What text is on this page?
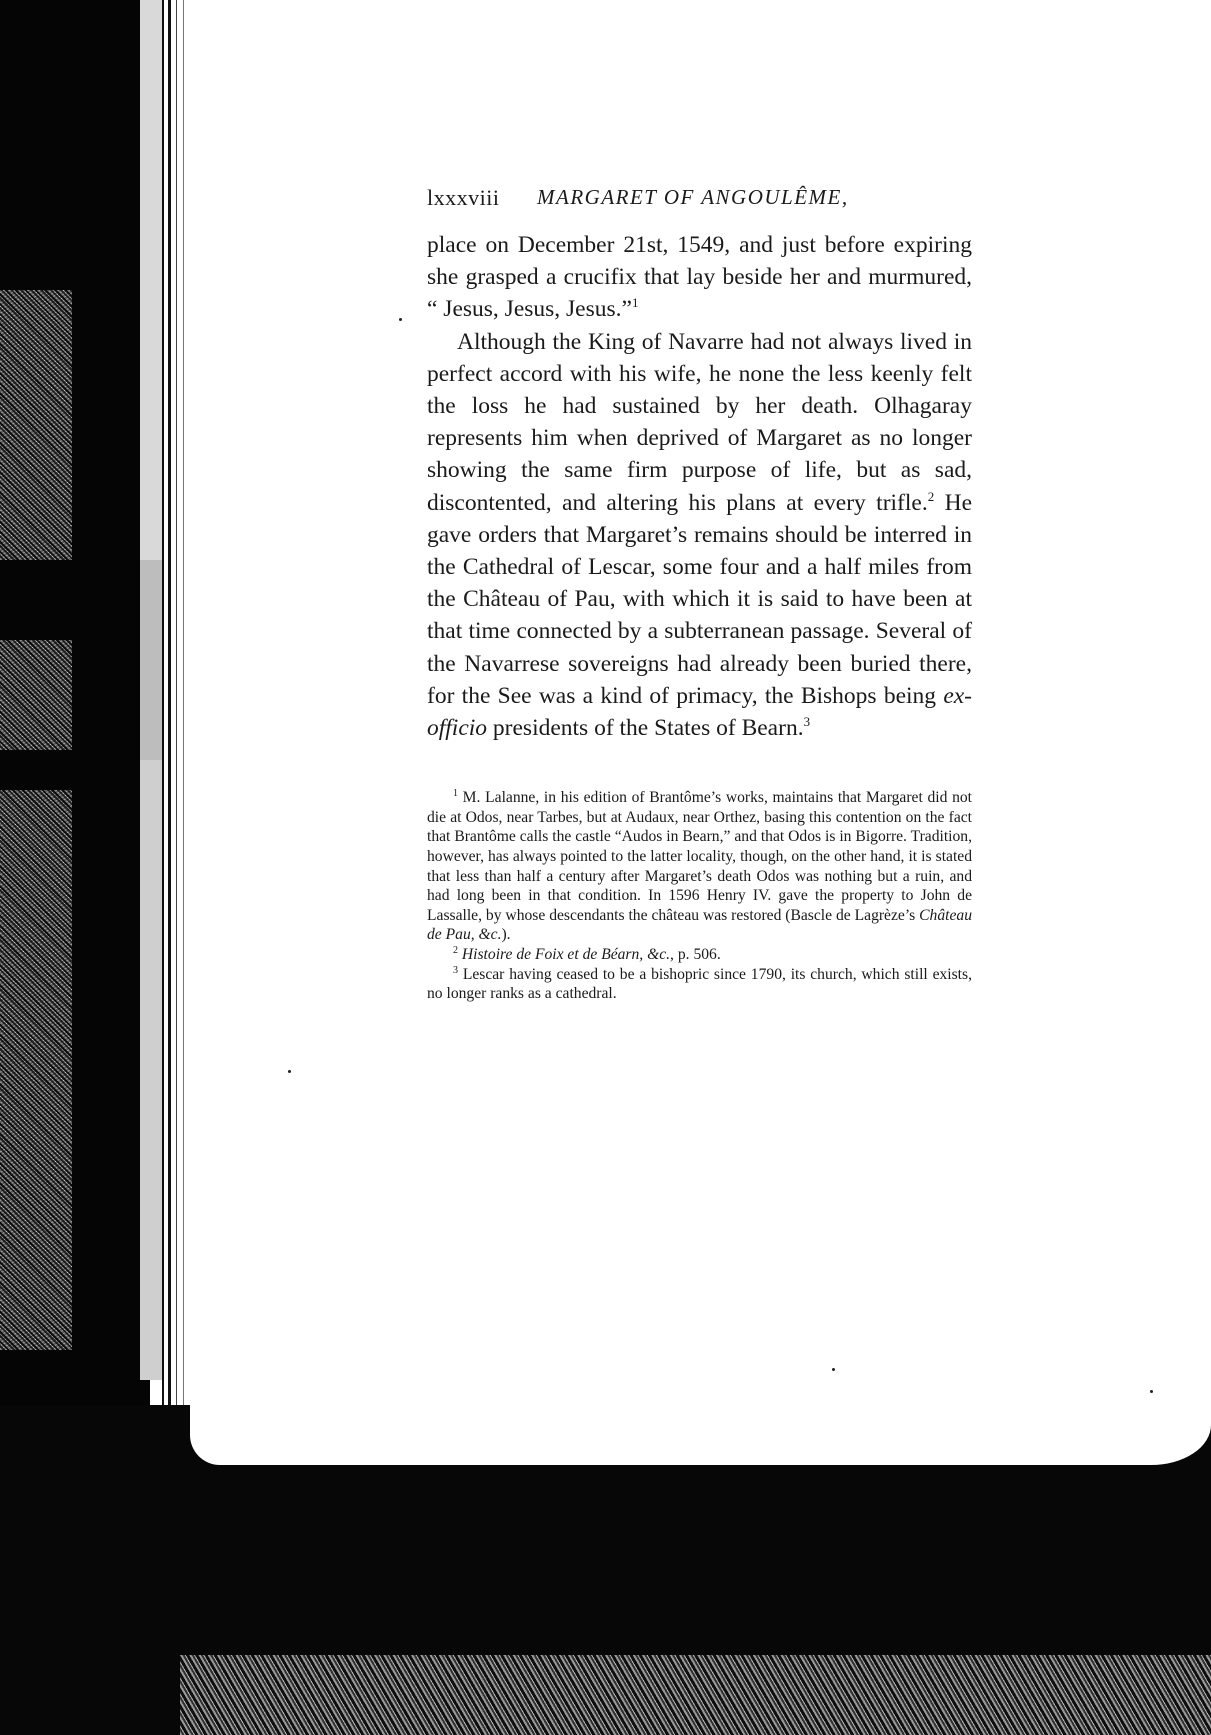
lxxxviii MARGARET OF ANGOULÊME,

place on December 21st, 1549, and just before expiring she grasped a crucifix that lay beside her and murmured, “ Jesus, Jesus, Jesus.”$^1$

Although the King of Navarre had not always lived in perfect accord with his wife, he none the less keenly felt the loss he had sustained by her death. Olhagaray represents him when deprived of Margaret as no longer showing the same firm purpose of life, but as sad, discontented, and altering his plans at every trifle.$^2$ He gave orders that Margaret’s remains should be interred in the Cathedral of Lescar, some four and a half miles from the Château of Pau, with which it is said to have been at that time connected by a subterranean passage. Several of the Navarrese sovereigns had already been buried there, for the See was a kind of primacy, the Bishops being ex-officio presidents of the States of Bearn.$^3$

$^1$ M. Lalanne, in his edition of Brantôme’s works, maintains that Margaret did not die at Odos, near Tarbes, but at Audaux, near Orthez, basing this contention on the fact that Brantôme calls the castle “Audos in Bearn,” and that Odos is in Bigorre. Tradition, however, has always pointed to the latter locality, though, on the other hand, it is stated that less than half a century after Margaret’s death Odos was nothing but a ruin, and had long been in that condition. In 1596 Henry IV. gave the property to John de Lassalle, by whose descendants the château was restored (Bascle de Lagrèze’s Château de Pau, &c.).

$^2$ Histoire de Foix et de Béarn, &c., p. 506.

$^3$ Lescar having ceased to be a bishopric since 1790, its church, which still exists, no longer ranks as a cathedral.
